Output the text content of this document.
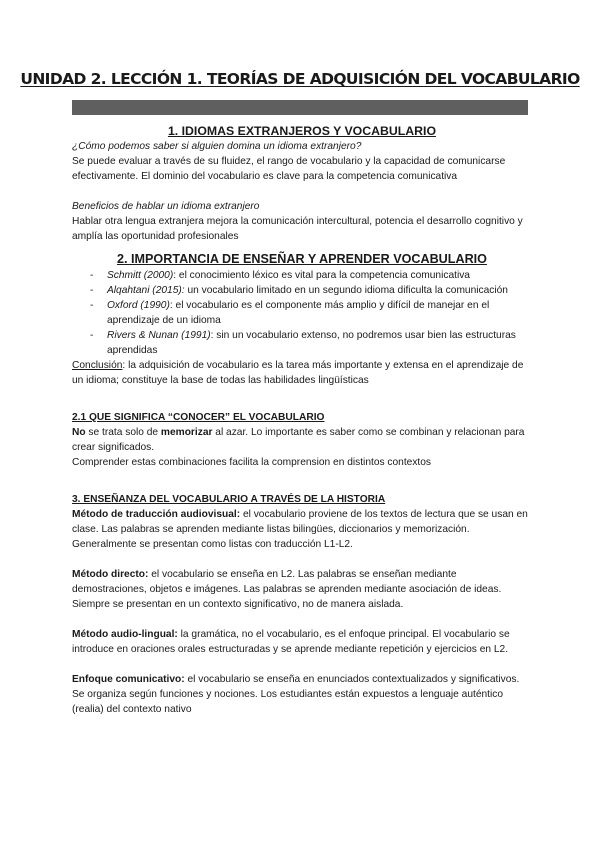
UNIDAD 2. LECCIÓN 1. TEORÍAS DE ADQUISICIÓN DEL VOCABULARIO

1. IDIOMAS EXTRANJEROS Y VOCABULARIO

¿Cómo podemos saber si alguien domina un idioma extranjero?

Se puede evaluar a través de su fluidez, el rango de vocabulario y la capacidad de comunicarse efectivamente. El dominio del vocabulario es clave para la competencia comunicativa

Beneficios de hablar un idioma extranjero

Hablar otra lengua extranjera mejora la comunicación intercultural, potencia el desarrollo cognitivo y amplía las oportunidad profesionales

2. IMPORTANCIA DE ENSEÑAR Y APRENDER VOCABULARIO

- Schmitt (2000): el conocimiento léxico es vital para la competencia comunicativa
- Alqahtani (2015): un vocabulario limitado en un segundo idioma dificulta la comunicación
- Oxford (1990): el vocabulario es el componente más amplio y difícil de manejar en el aprendizaje de un idioma
- Rivers & Nunan (1991): sin un vocabulario extenso, no podremos usar bien las estructuras aprendidas

Conclusión: la adquisición de vocabulario es la tarea más importante y extensa en el aprendizaje de un idioma; constituye la base de todas las habilidades lingüísticas

2.1 QUE SIGNIFICA “CONOCER” EL VOCABULARIO

No se trata solo de memorizar al azar. Lo importante es saber como se combinan y relacionan para crear significados.

Comprender estas combinaciones facilita la comprension en distintos contextos

3. ENSEÑANZA DEL VOCABULARIO A TRAVÉS DE LA HISTORIA

Método de traducción audiovisual: el vocabulario proviene de los textos de lectura que se usan en clase. Las palabras se aprenden mediante listas bilingües, diccionarios y memorización. Generalmente se presentan como listas con traducción L1-L2.

Método directo: el vocabulario se enseña en L2. Las palabras se enseñan mediante demostraciones, objetos e imágenes. Las palabras se aprenden mediante asociación de ideas. Siempre se presentan en un contexto significativo, no de manera aislada.

Método audio-lingual: la gramática, no el vocabulario, es el enfoque principal. El vocabulario se introduce en oraciones orales estructuradas y se aprende mediante repetición y ejercicios en L2.

Enfoque comunicativo: el vocabulario se enseña en enunciados contextualizados y significativos. Se organiza según funciones y nociones. Los estudiantes están expuestos a lenguaje auténtico (realia) del contexto nativo
